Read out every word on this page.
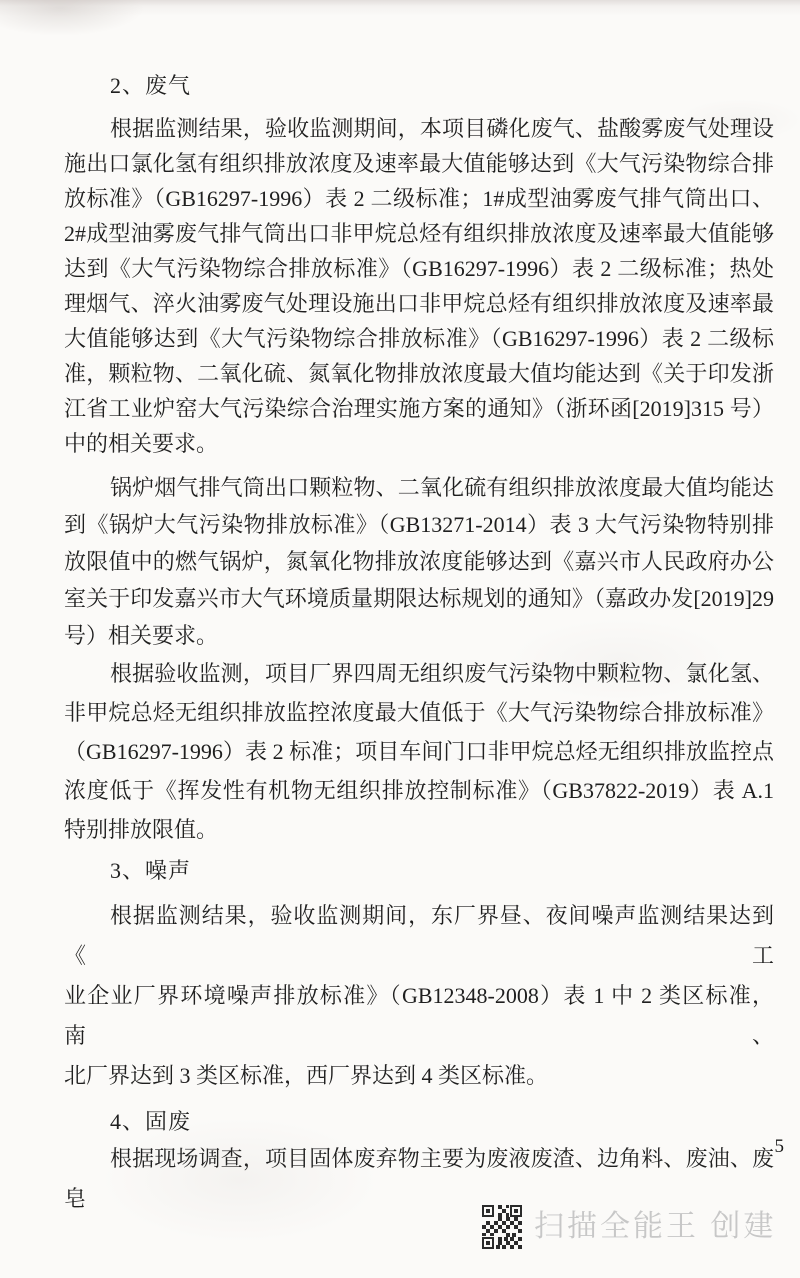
2、废气
根据监测结果，验收监测期间，本项目磷化废气、盐酸雾废气处理设
施出口氯化氢有组织排放浓度及速率最大值能够达到《大气污染物综合排
放标准》（GB16297-1996）表 2 二级标准；1#成型油雾废气排气筒出口、
2#成型油雾废气排气筒出口非甲烷总烃有组织排放浓度及速率最大值能够
达到《大气污染物综合排放标准》（GB16297-1996）表 2 二级标准；热处
理烟气、淬火油雾废气处理设施出口非甲烷总烃有组织排放浓度及速率最
大值能够达到《大气污染物综合排放标准》（GB16297-1996）表 2 二级标
准，颗粒物、二氧化硫、氮氧化物排放浓度最大值均能达到《关于印发浙
江省工业炉窑大气污染综合治理实施方案的通知》（浙环函[2019]315 号）
中的相关要求。
锅炉烟气排气筒出口颗粒物、二氧化硫有组织排放浓度最大值均能达
到《锅炉大气污染物排放标准》（GB13271-2014）表 3 大气污染物特别排
放限值中的燃气锅炉，氮氧化物排放浓度能够达到《嘉兴市人民政府办公
室关于印发嘉兴市大气环境质量期限达标规划的通知》（嘉政办发[2019]29
号）相关要求。
根据验收监测，项目厂界四周无组织废气污染物中颗粒物、氯化氢、
非甲烷总烃无组织排放监控浓度最大值低于《大气污染物综合排放标准》
（GB16297-1996）表 2 标准；项目车间门口非甲烷总烃无组织排放监控点
浓度低于《挥发性有机物无组织排放控制标准》（GB37822-2019）表 A.1
特别排放限值。
3、噪声
根据监测结果，验收监测期间，东厂界昼、夜间噪声监测结果达到《工
业企业厂界环境噪声排放标准》（GB12348-2008）表 1 中 2 类区标准，南、
北厂界达到 3 类区标准，西厂界达到 4 类区标准。
4、固废
根据现场调查，项目固体废弃物主要为废液废渣、边角料、废油、废皂
5
扫描全能王 创建
